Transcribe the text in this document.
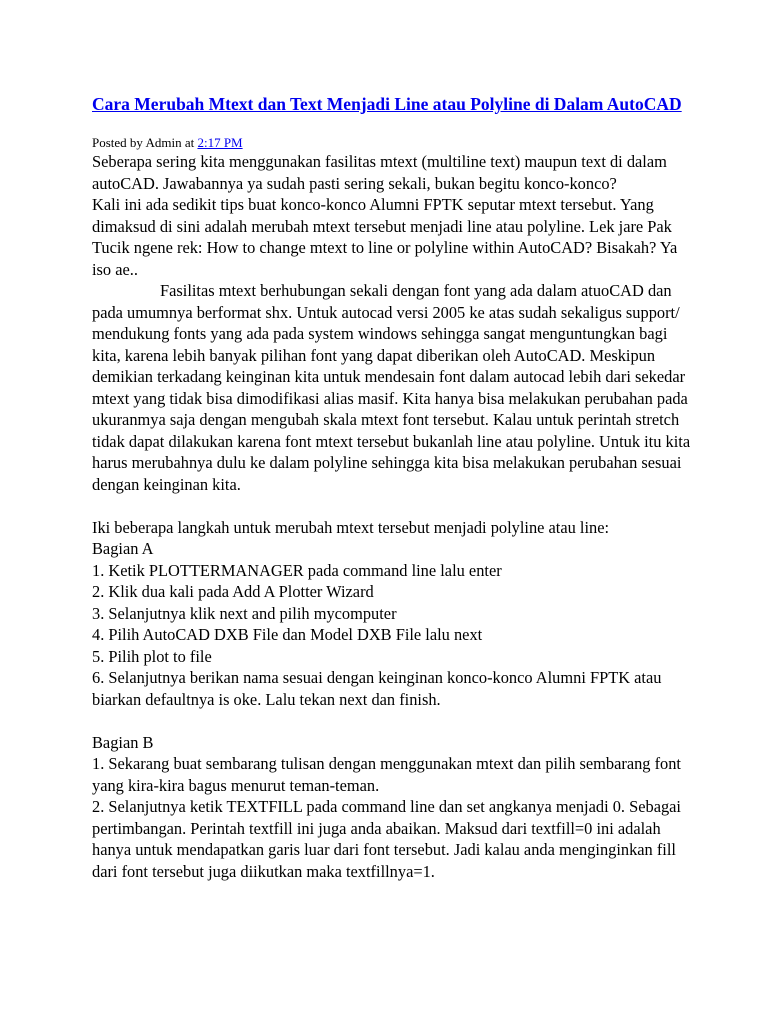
Cara Merubah Mtext dan Text Menjadi Line atau Polyline di Dalam AutoCAD
Posted by Admin at 2:17 PM

Seberapa sering kita menggunakan fasilitas mtext (multiline text) maupun text di dalam autoCAD. Jawabannya ya sudah pasti sering sekali, bukan begitu konco-konco?

Kali ini ada sedikit tips buat konco-konco Alumni FPTK seputar mtext tersebut. Yang dimaksud di sini adalah merubah mtext tersebut menjadi line atau polyline. Lek jare Pak Tucik ngene rek: How to change mtext to line or polyline within AutoCAD? Bisakah? Ya iso ae..

Fasilitas mtext berhubungan sekali dengan font yang ada dalam atuoCAD dan pada umumnya berformat shx. Untuk autocad versi 2005 ke atas sudah sekaligus support/ mendukung fonts yang ada pada system windows sehingga sangat menguntungkan bagi kita, karena lebih banyak pilihan font yang dapat diberikan oleh AutoCAD. Meskipun demikian terkadang keinginan kita untuk mendesain font dalam autocad lebih dari sekedar mtext yang tidak bisa dimodifikasi alias masif. Kita hanya bisa melakukan perubahan pada ukuranmya saja dengan mengubah skala mtext font tersebut. Kalau untuk perintah stretch tidak dapat dilakukan karena font mtext tersebut bukanlah line atau polyline. Untuk itu kita harus merubahnya dulu ke dalam polyline sehingga kita bisa melakukan perubahan sesuai dengan keinginan kita.

Iki beberapa langkah untuk merubah mtext tersebut menjadi polyline atau line:

Bagian A

1. Ketik PLOTTERMANAGER pada command line lalu enter

2. Klik dua kali pada Add A Plotter Wizard

3. Selanjutnya klik next and pilih mycomputer

4. Pilih AutoCAD DXB File dan Model DXB File lalu next

5. Pilih plot to file

6. Selanjutnya berikan nama sesuai dengan keinginan konco-konco Alumni FPTK atau biarkan defaultnya is oke. Lalu tekan next dan finish.

Bagian B

1. Sekarang buat sembarang tulisan dengan menggunakan mtext dan pilih sembarang font yang kira-kira bagus menurut teman-teman.

2. Selanjutnya ketik TEXTFILL pada command line dan set angkanya menjadi 0. Sebagai pertimbangan. Perintah textfill ini juga anda abaikan. Maksud dari textfill=0 ini adalah hanya untuk mendapatkan garis luar dari font tersebut. Jadi kalau anda menginginkan fill dari font tersebut juga diikutkan maka textfillnya=1.
